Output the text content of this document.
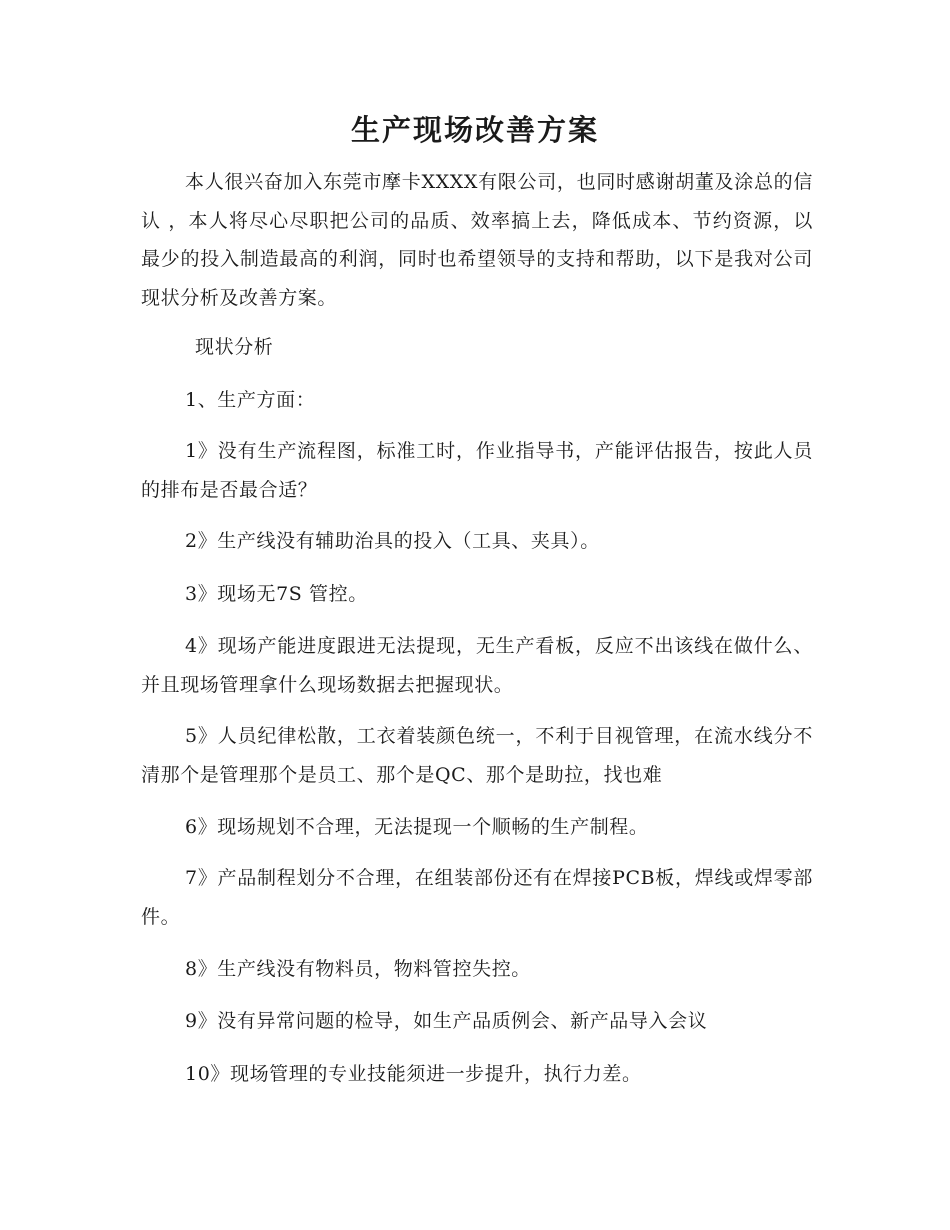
生产现场改善方案

本人很兴奋加入东莞市摩卡XXXX有限公司，也同时感谢胡董及涂总的信认 ，本人将尽心尽职把公司的品质、效率搞上去，降低成本、节约资源，以最少的投入制造最高的利润，同时也希望领导的支持和帮助，以下是我对公司现状分析及改善方案。

现状分析

1、生产方面：

1》没有生产流程图，标准工时，作业指导书，产能评估报告，按此人员的排布是否最合适？

2》生产线没有辅助治具的投入（工具、夹具）。

3》现场无7S 管控。

4》现场产能进度跟进无法提现，无生产看板，反应不出该线在做什么、并且现场管理拿什么现场数据去把握现状。

5》人员纪律松散，工衣着装颜色统一，不利于目视管理，在流水线分不清那个是管理那个是员工、那个是QC、那个是助拉，找也难

6》现场规划不合理，无法提现一个顺畅的生产制程。

7》产品制程划分不合理，在组装部份还有在焊接PCB板，焊线或焊零部件。

8》生产线没有物料员，物料管控失控。

9》没有异常问题的检导，如生产品质例会、新产品导入会议

10》现场管理的专业技能须进一步提升，执行力差。
